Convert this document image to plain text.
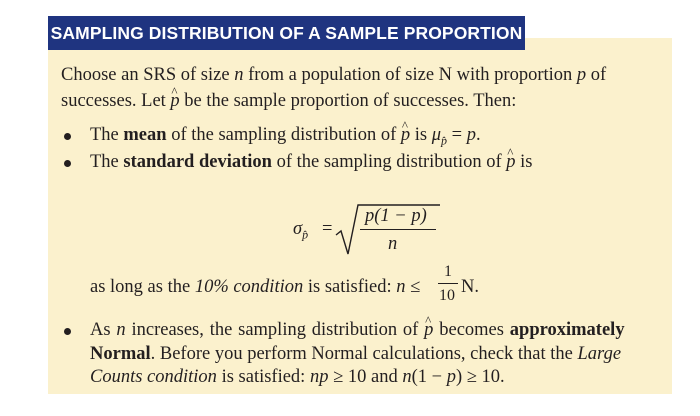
SAMPLING DISTRIBUTION OF A SAMPLE PROPORTION
Choose an SRS of size n from a population of size N with proportion p of
successes. Let ^ p be the sample proportion of successes. Then:
The mean of the sampling distribution of ^ p is $\mu_{p̂} = p$.
The standard deviation of the sampling distribution of ^ p is
$\sigma_{p̂}$ =
p(1 − p)
n
as long as the 10% condition is satisfied: n ≤
1
10 N.
As n increases, the sampling distribution of ^ p becomes approximately
Normal. Before you perform Normal calculations, check that the Large
Counts condition is satisfied: np ≥ 10 and n(1 − p) ≥ 10.
